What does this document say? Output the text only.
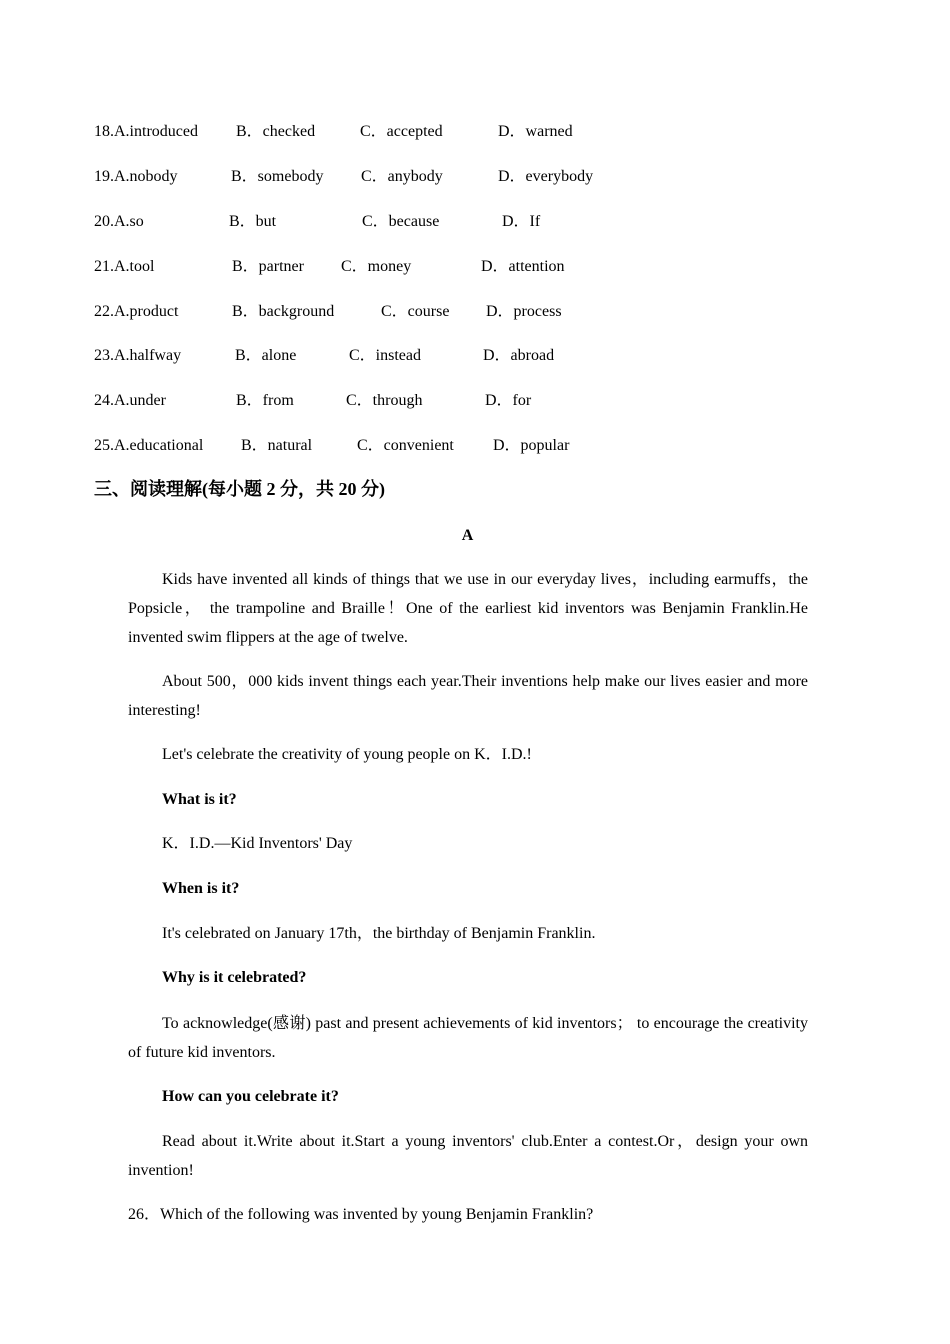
18.A.introduced B．checked	C．accepted	D．warned
19.A.nobody	B．somebody C．anybody	D．everybody
20.A.so	B．but	C．because	D．If
21.A.tool	B．partner C．money	D．attention
22.A.product	B．background	C．course D．process
23.A.halfway	B．alone	C．instead	D．abroad
24.A.under	B．from	C．through	D．for
25.A.educational B．natural	C．convenient D．popular
三、阅读理解(每小题 2 分，共 20 分)
A

Kids have invented all kinds of things that we use in our everyday lives，including earmuffs，the Popsicle， the trampoline and Braille！One of the earliest kid inventors was Benjamin Franklin.He invented swim flippers at the age of twelve.

About 500，000 kids invent things each year.Their inventions help make our lives easier and more interesting!

Let's celebrate the creativity of young people on K．I.D.!
What is it?
K．I.D.—Kid Inventors' Day
When is it?
It's celebrated on January 17th，the birthday of Benjamin Franklin.
Why is it celebrated?

To acknowledge(感谢) past and present achievements of kid inventors； to encourage the creativity of future kid inventors.

How can you celebrate it?

Read about it.Write about it.Start a young inventors' club.Enter a contest.Or，design your own invention!

26．Which of the following was invented by young Benjamin Franklin?
